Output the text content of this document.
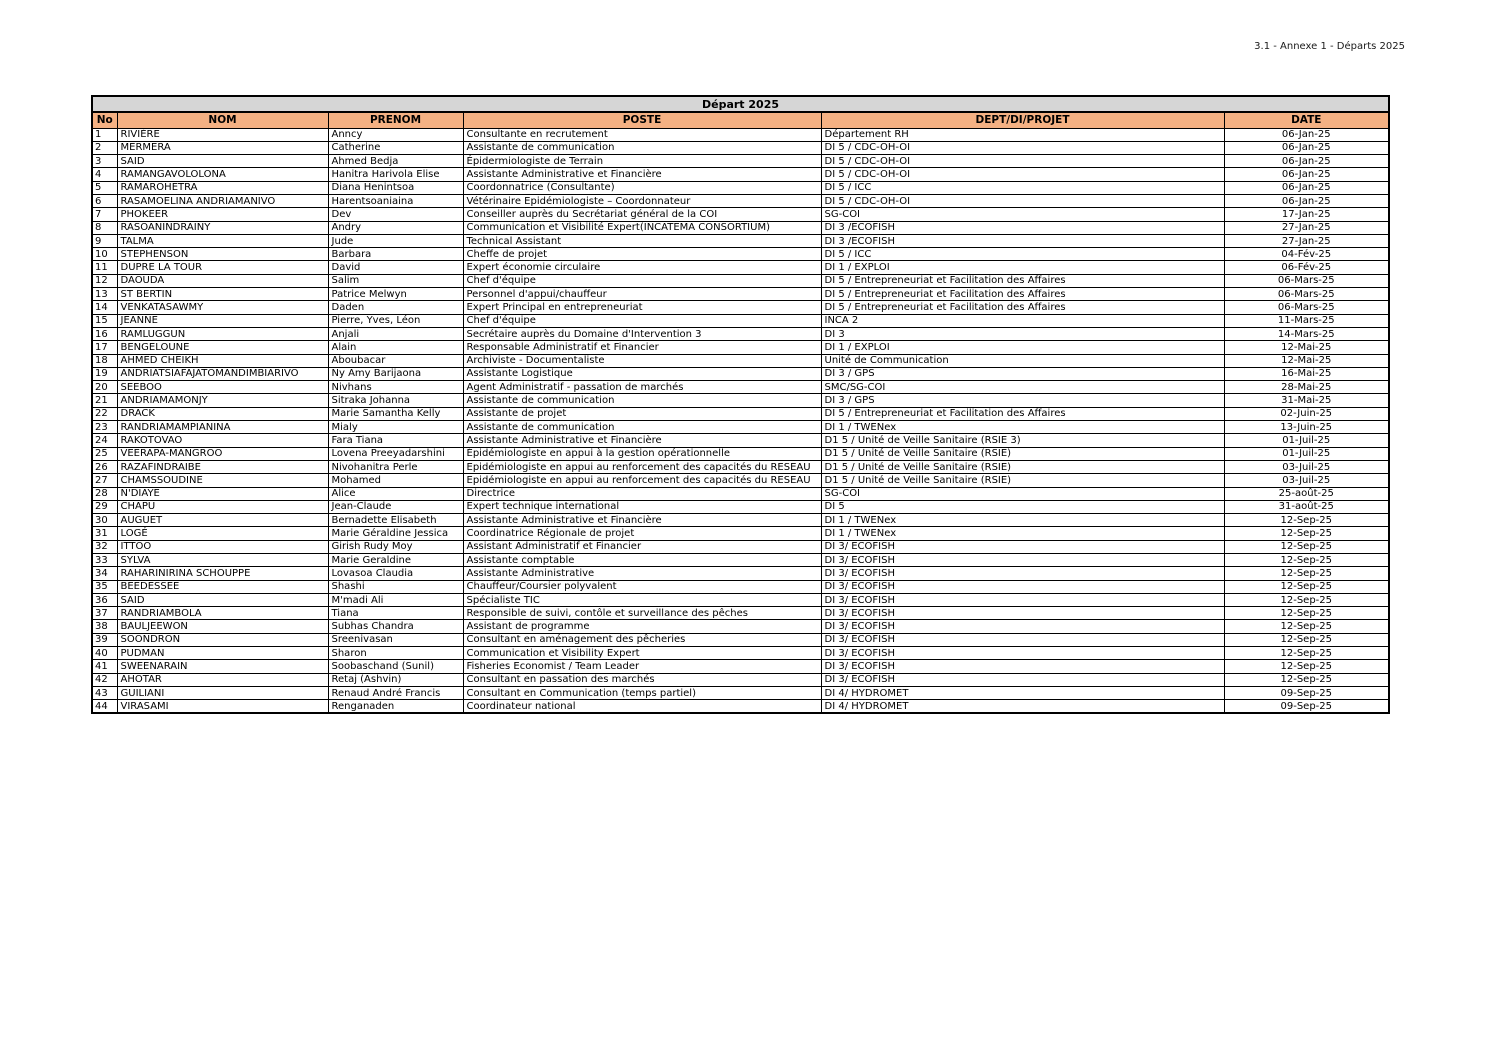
3.1 - Annexe 1 - Départs 2025
Départ 2025					
No	NOM	PRENOM	POSTE	DEPT/DI/PROJET	DATE
1	RIVIÈRE	Anncy	Consultante en recrutement	Département RH	06-Jan-25
2	MERMERA	Catherine	Assistante de communication	DI 5 / CDC-OH-OI	06-Jan-25
3	SAID	Ahmed Bedja	Épidermiologiste de Terrain	DI 5 / CDC-OH-OI	06-Jan-25
4	RAMANGAVOLOLONA	Hanitra Harivola Elise	Assistante Administrative et Financière	DI 5 / CDC-OH-OI	06-Jan-25
5	RAMAROHETRA	Diana Henintsoa	Coordonnatrice (Consultante)	DI 5 / ICC	06-Jan-25
6	RASAMOELINA ANDRIAMANIVO	Harentsoaniaina	Vétérinaire Epidémiologiste – Coordonnateur	DI 5 / CDC-OH-OI	06-Jan-25
7	PHOKEER	Dev	Conseiller auprès du Secrétariat général de la COI	SG-COI	17-Jan-25
8	RASOANINDRAINY	Andry	Communication et Visibilité Expert(INCATEMA CONSORTIUM)	DI 3 /ECOFISH	27-Jan-25
9	TALMA	Jude	Technical Assistant	DI 3 /ECOFISH	27-Jan-25
10	STEPHENSON	Barbara	Cheffe de projet	DI 5 / ICC	04-Fév-25
11	DUPRE LA TOUR	David	Expert économie circulaire	DI 1 / EXPLOI	06-Fév-25
12	DAOUDA	Salim	Chef d'équipe	DI 5 / Entrepreneuriat et Facilitation des Affaires	06-Mars-25
13	ST BERTIN	Patrice Melwyn	Personnel d'appui/chauffeur	DI 5 / Entrepreneuriat et Facilitation des Affaires	06-Mars-25
14	VENKATASAWMY	Daden	Expert Principal en entrepreneuriat	DI 5 / Entrepreneuriat et Facilitation des Affaires	06-Mars-25
15	JEANNE	Pierre, Yves, Léon	Chef d'équipe	INCA 2	11-Mars-25
16	RAMLUGGUN	Anjali	Secrétaire auprès du Domaine d'Intervention 3	DI 3	14-Mars-25
17	BENGELOUNE	Alain	Responsable Administratif et Financier	DI 1 / EXPLOI	12-Mai-25
18	AHMED CHEIKH	Aboubacar	Archiviste - Documentaliste	Unité de Communication	12-Mai-25
19	ANDRIATSIAFAJATOMANDIMBIARIVO	Ny Amy Barijaona	Assistante Logistique	DI 3 / GPS	16-Mai-25
20	SEEBOO	Nivhans	Agent Administratif - passation de marchés	SMC/SG-COI	28-Mai-25
21	ANDRIAMAMONJY	Sitraka Johanna	Assistante de communication	DI 3 / GPS	31-Mai-25
22	DRACK	Marie Samantha Kelly	Assistante de projet	DI 5 / Entrepreneuriat et Facilitation des Affaires	02-Juin-25
23	RANDRIAMAMPIANINA	Mialy	Assistante de communication	DI 1 / TWENex	13-Juin-25
24	RAKOTOVAO	Fara Tiana	Assistante Administrative et Financière	D1 5 / Unité de Veille Sanitaire (RSIE 3)	01-Juil-25
25	VEERAPA-MANGROO	Lovena Preeyadarshini	Épidémiologiste en appui à la gestion opérationnelle	D1 5 / Unité de Veille Sanitaire (RSIE)	01-Juil-25
26	RAZAFINDRAIBE	Nivohanitra Perle	Epidémiologiste en appui au renforcement des capacités du RESEAU	D1 5 / Unité de Veille Sanitaire (RSIE)	03-Juil-25
27	CHAMSSOUDINE	Mohamed	Epidémiologiste en appui au renforcement des capacités du RESEAU	D1 5 / Unité de Veille Sanitaire (RSIE)	03-Juil-25
28	N'DIAYE	Alice	Directrice	SG-COI	25-août-25
29	CHAPU	Jean-Claude	Expert technique international	DI 5	31-août-25
30	AUGUET	Bernadette Elisabeth	Assistante Administrative et Financière	DI 1 / TWENex	12-Sep-25
31	LOGÉ	Marie Géraldine Jessica	Coordinatrice Régionale de projet	DI 1 / TWENex	12-Sep-25
32	ITTOO	Girish Rudy Moy	Assistant Administratif et Financier	DI 3/ ECOFISH	12-Sep-25
33	SYLVA	Marie Geraldine	Assistante comptable	DI 3/ ECOFISH	12-Sep-25
34	RAHARINIRINA SCHOUPPE	Lovasoa Claudia	Assistante Administrative	DI 3/ ECOFISH	12-Sep-25
35	BEEDESSEE	Shashi	Chauffeur/Coursier polyvalent	DI 3/ ECOFISH	12-Sep-25
36	SAID	M'madi Ali	Spécialiste TIC	DI 3/ ECOFISH	12-Sep-25
37	RANDRIAMBOLA	Tiana	Responsible de suivi, contôle et surveillance des pêches	DI 3/ ECOFISH	12-Sep-25
38	BAULJEEWON	Subhas Chandra	Assistant de programme	DI 3/ ECOFISH	12-Sep-25
39	SOONDRON	Sreenivasan	Consultant en aménagement des pêcheries	DI 3/ ECOFISH	12-Sep-25
40	PUDMAN	Sharon	Communication et Visibility Expert	DI 3/ ECOFISH	12-Sep-25
41	SWEENARAIN	Soobaschand (Sunil)	Fisheries Economist / Team Leader	DI 3/ ECOFISH	12-Sep-25
42	AHOTAR	Retaj (Ashvin)	Consultant en passation des marchés	DI 3/ ECOFISH	12-Sep-25
43	GUILIANI	Renaud André Francis	Consultant en Communication (temps partiel)	DI 4/ HYDROMET	09-Sep-25
44	VIRASAMI	Renganaden	Coordinateur national	DI 4/ HYDROMET	09-Sep-25
